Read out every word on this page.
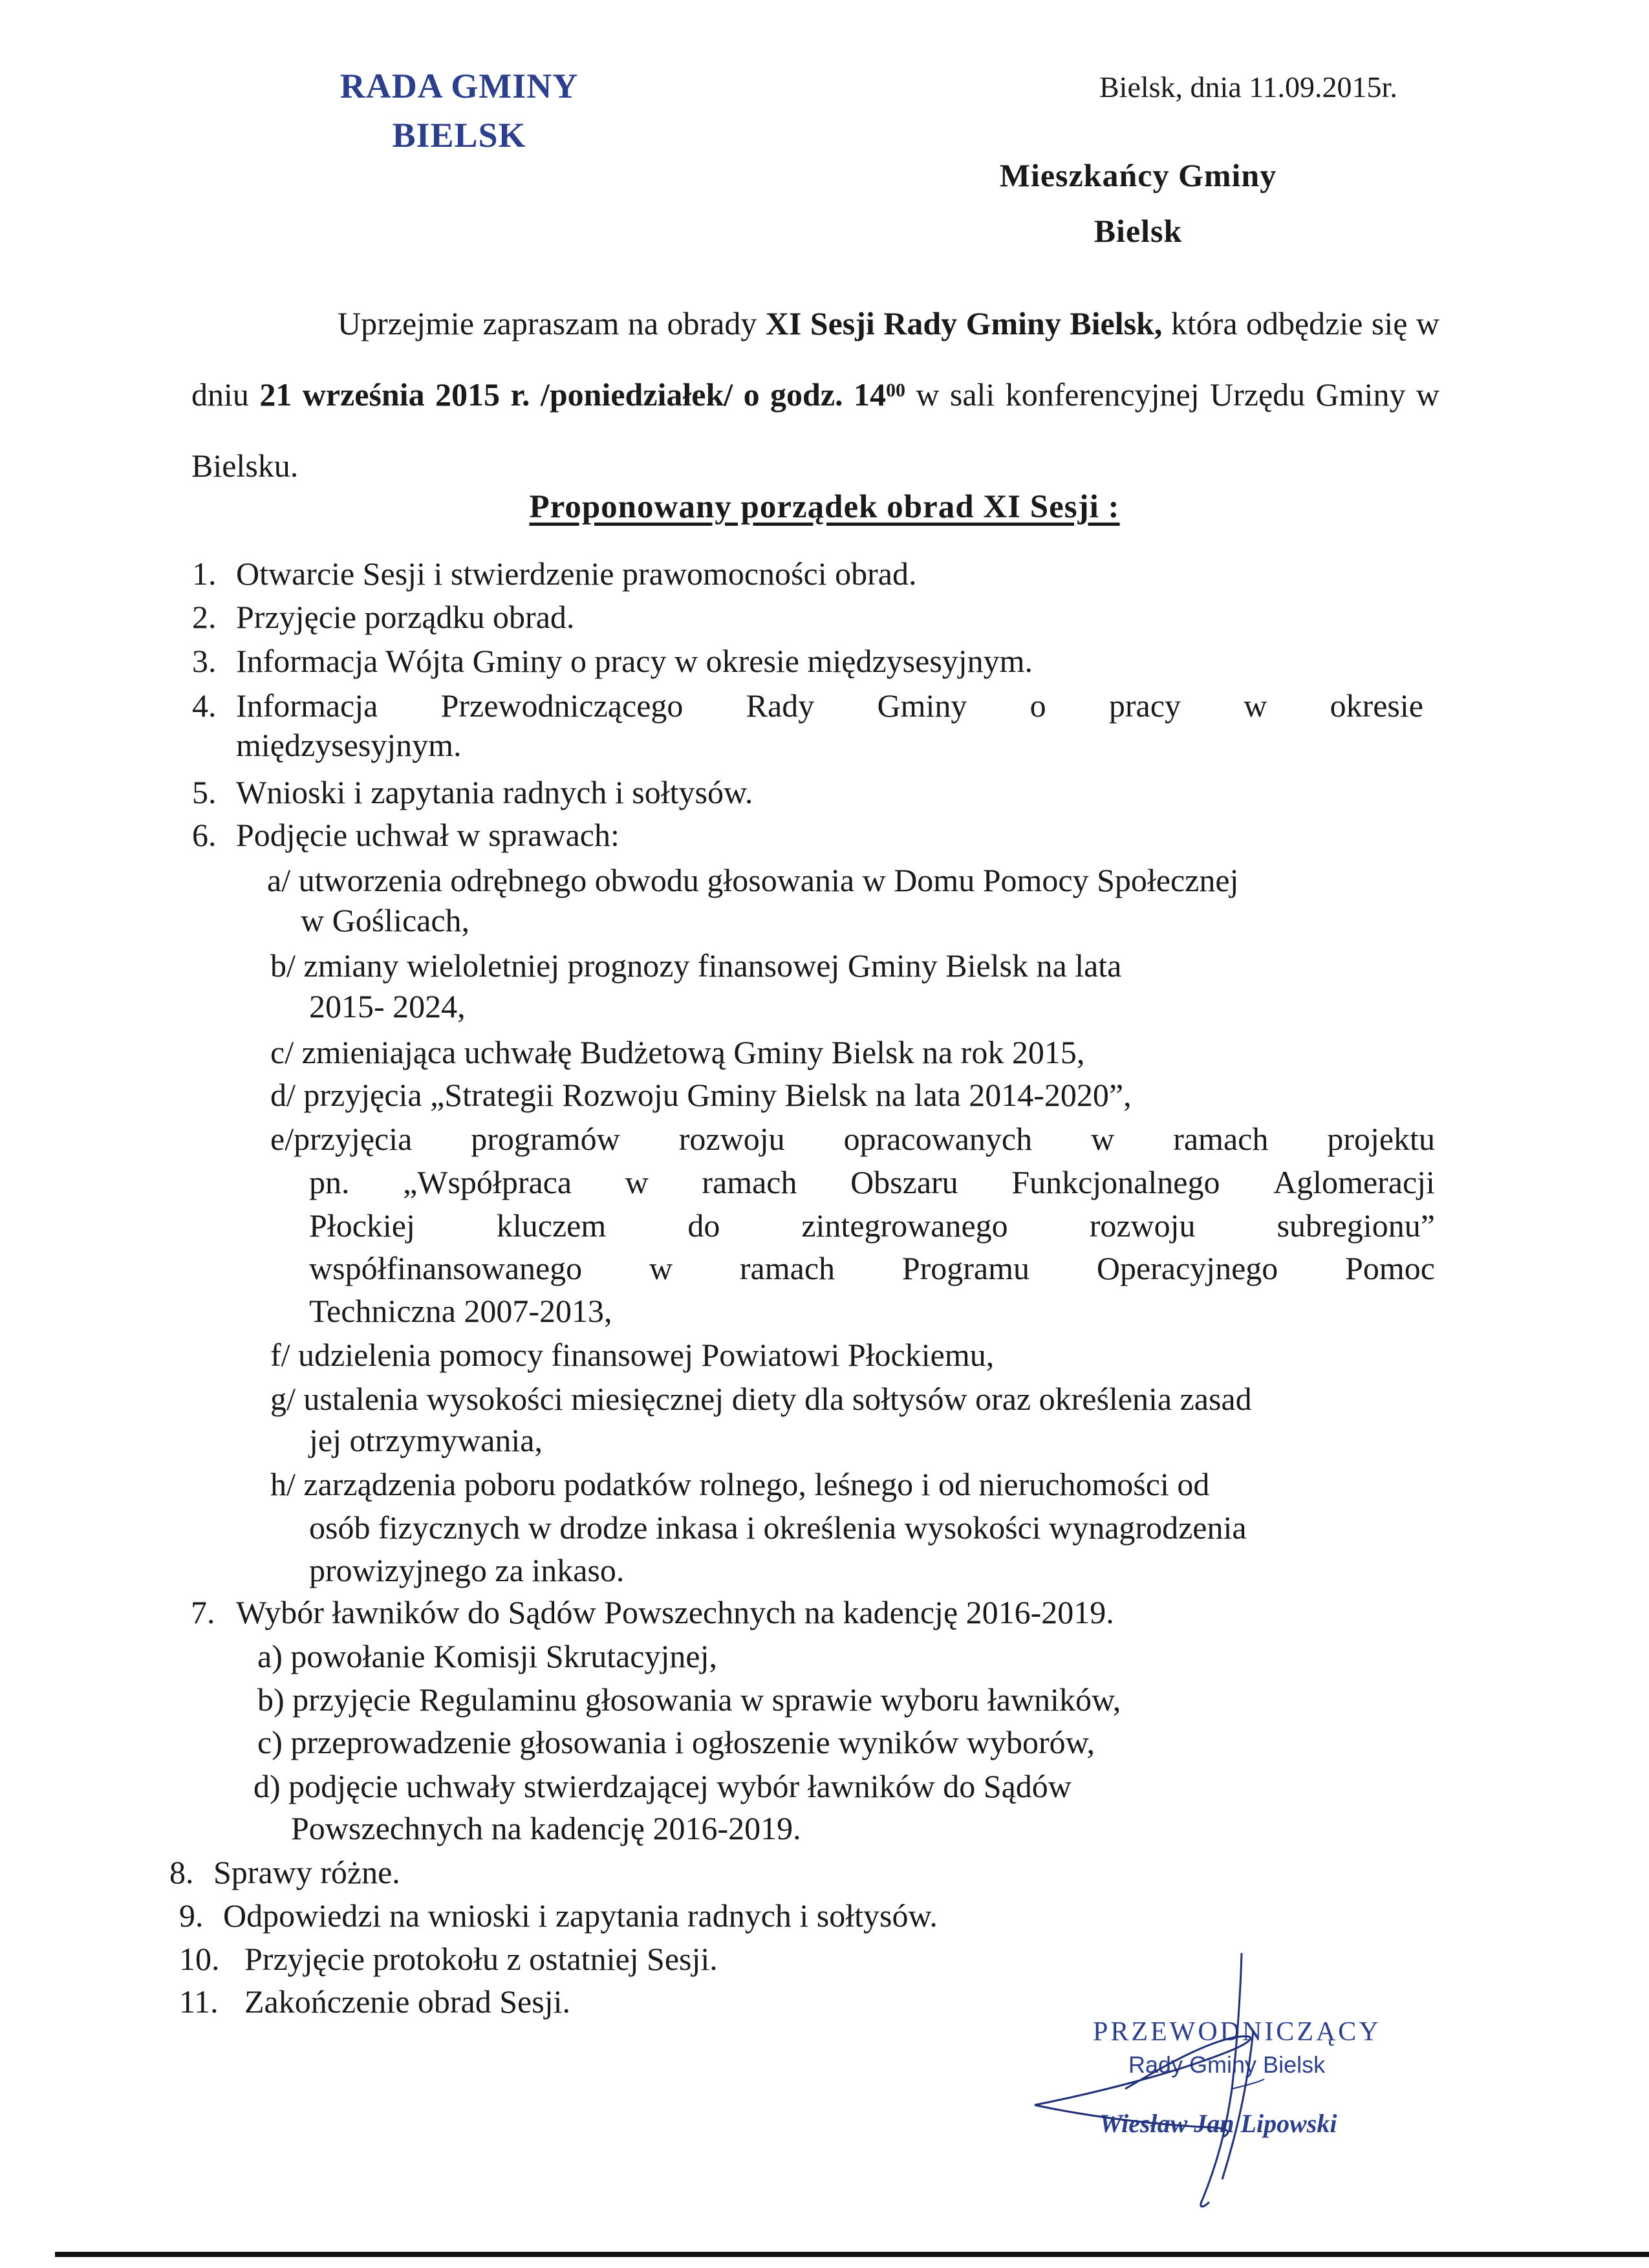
RADA GMINY
BIELSK
Bielsk, dnia 11.09.2015r.
Mieszkańcy Gminy
Bielsk
Uprzejmie zapraszam na obrady XI Sesji Rady Gminy Bielsk, która odbędzie się w dniu 21 września 2015 r. /poniedziałek/ o godz. $14^{00}$ w sali konferencyjnej Urzędu Gminy w Bielsku.
Proponowany porządek obrad XI Sesji :
1. Otwarcie Sesji i stwierdzenie prawomocności obrad.
2. Przyjęcie porządku obrad.
3. Informacja Wójta Gminy o pracy w okresie międzysesyjnym.
4. Informacja Przewodniczącego Rady Gminy o pracy w okresie
międzysesyjnym.
5. Wnioski i zapytania radnych i sołtysów.
6. Podjęcie uchwał w sprawach:
a/ utworzenia odrębnego obwodu głosowania w Domu Pomocy Społecznej
w Goślicach,
b/ zmiany wieloletniej prognozy finansowej Gminy Bielsk na lata
2015- 2024,
c/ zmieniająca uchwałę Budżetową Gminy Bielsk na rok 2015,
d/ przyjęcia „Strategii Rozwoju Gminy Bielsk na lata 2014-2020”,
e/przyjęcia programów rozwoju opracowanych w ramach projektu
pn. „Współpraca w ramach Obszaru Funkcjonalnego Aglomeracji
Płockiej	kluczem	do	zintegrowanego	rozwoju	subregionu”
współfinansowanego w ramach Programu Operacyjnego Pomoc
Techniczna 2007-2013,
f/ udzielenia pomocy finansowej Powiatowi Płockiemu,
g/ ustalenia wysokości miesięcznej diety dla sołtysów oraz określenia zasad
jej otrzymywania,
h/ zarządzenia poboru podatków rolnego, leśnego i od nieruchomości od
osób fizycznych w drodze inkasa i określenia wysokości wynagrodzenia
prowizyjnego za inkaso.
7. Wybór ławników do Sądów Powszechnych na kadencję 2016-2019.
a) powołanie Komisji Skrutacyjnej,
b) przyjęcie Regulaminu głosowania w sprawie wyboru ławników,
c) przeprowadzenie głosowania i ogłoszenie wyników wyborów,
d) podjęcie uchwały stwierdzającej wybór ławników do Sądów
Powszechnych na kadencję 2016-2019.
8. Sprawy różne.
9. Odpowiedzi na wnioski i zapytania radnych i sołtysów.
10. Przyjęcie protokołu z ostatniej Sesji.
11. Zakończenie obrad Sesji.
PRZEWODNICZĄCY
Rady Gminy Bielsk
Wiesław Jan Lipowski
